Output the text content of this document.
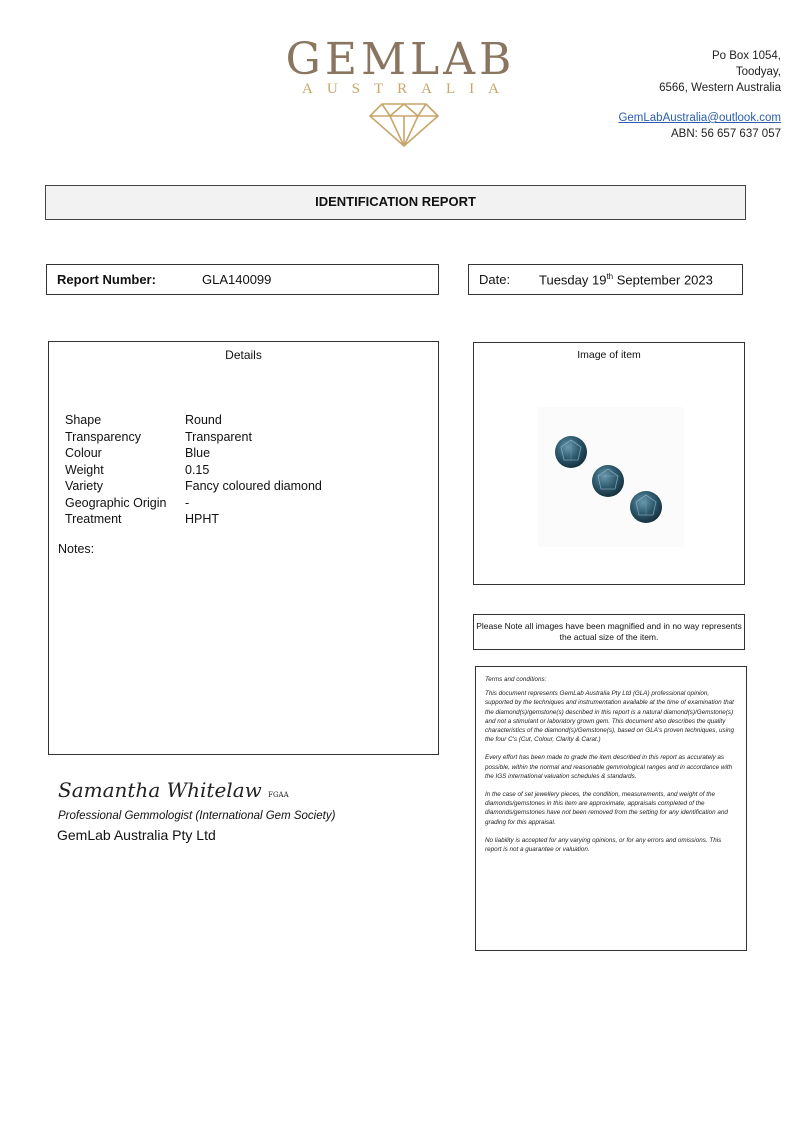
GEMLAB
AUSTRALIA
Po Box 1054,
Toodyay,
6566, Western Australia
GemLabAustralia@outlook.com
ABN: 56 657 637 057
IDENTIFICATION REPORT
Report Number:	GLA140099	Date: Tuesday 19th September 2023
Details
Shape	Round
Transparency	Transparent
Colour	Blue
Weight	0.15
Variety	Fancy coloured diamond
Geographic Origin	-
Treatment	HPHT
Notes:
Image of item
Please Note all images have been magnified and in no way represents the actual size of the item.

Terms and conditions:

This document represents GemLab Australia Pty Ltd (GLA) professional opinion, supported by the techniques and instrumentation available at the time of examination that the diamond(s)/gemstone(s) described in this report is a natural diamond(s)/Gemstone(s) and not a stimulant or laboratory grown gem. This document also describes the quality characteristics of the diamond(s)/Gemstone(s), based on GLA's proven techniques, using the four C's (Cut, Colour, Clarity & Carat.)

Every effort has been made to grade the item described in this report as accurately as possible, within the normal and reasonable gemmological ranges and in accordance with the IGS international valuation schedules & standards.

In the case of set jewellery pieces, the condition, measurements, and weight of the diamonds/gemstones in this item are approximate, appraisals completed of the diamonds/gemstones have not been removed from the setting for any identification and grading for this appraisal.

No liability is accepted for any varying opinions, or for any errors and omissions. This report is not a guarantee or valuation.

Samantha Whitelaw FGAA
Professional Gemmologist (International Gem Society)
GemLab Australia Pty Ltd
